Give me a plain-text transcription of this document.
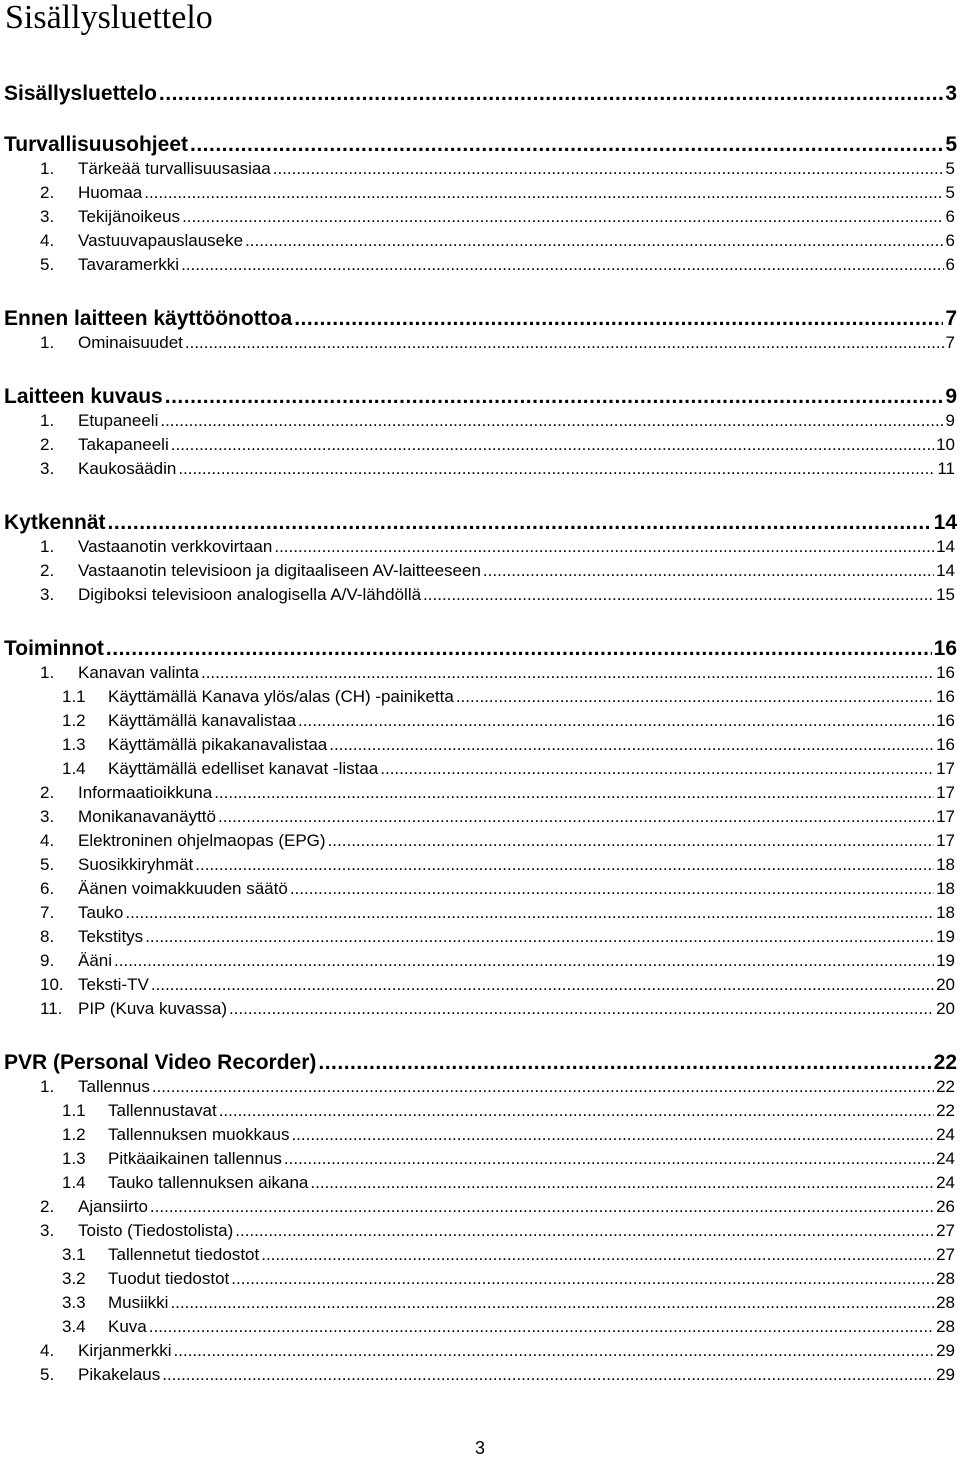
Sisällysluettelo
Sisällysluettelo .....	3
Turvallisuusohjeet .....	5
1.	Tärkeää turvallisuusasiaa .....	5
2.	Huomaa .....	5
3.	Tekijänoikeus .....	6
4.	Vastuuvapauslauseke .....	6
5.	Tavaramerkki .....	6
Ennen laitteen käyttöönottoa .....	7
1.	Ominaisuudet .....	7
Laitteen kuvaus .....	9
1.	Etupaneeli .....	9
2.	Takapaneeli .....	10
3.	Kaukosäädin .....	11
Kytkennät .....	14
1.	Vastaanotin verkkovirtaan .....	14
2.	Vastaanotin televisioon ja digitaaliseen AV-laitteeseen .....	14
3.	Digiboksi televisioon analogisella A/V-lähdöllä .....	15
Toiminnot .....	16
1.	Kanavan valinta .....	16
1.1	Käyttämällä Kanava ylös/alas (CH) -painiketta .....	16
1.2	Käyttämällä kanavalistaa .....	16
1.3	Käyttämällä pikakanavalistaa .....	16
1.4	Käyttämällä edelliset kanavat -listaa .....	17
2.	Informaatioikkuna .....	17
3.	Monikanavanäyttö .....	17
4.	Elektroninen ohjelmaopas (EPG) .....	17
5.	Suosikkiryhmät .....	18
6.	Äänen voimakkuuden säätö .....	18
7.	Tauko .....	18
8.	Tekstitys .....	19
9.	Ääni .....	19
10. Teksti-TV .....	20
11. PIP (Kuva kuvassa) .....	20
PVR (Personal Video Recorder) .....	22
1.	Tallennus .....	22
1.1	Tallennustavat .....	22
1.2	Tallennuksen muokkaus .....	24
1.3	Pitkäaikainen tallennus .....	24
1.4	Tauko tallennuksen aikana .....	24
2.	Ajansiirto .....	26
3.	Toisto (Tiedostolista) .....	27
3.1	Tallennetut tiedostot .....	27
3.2	Tuodut tiedostot .....	28
3.3	Musiikki .....	28
3.4	Kuva .....	28
4.	Kirjanmerkki .....	29
5.	Pikakelaus .....	29
3
